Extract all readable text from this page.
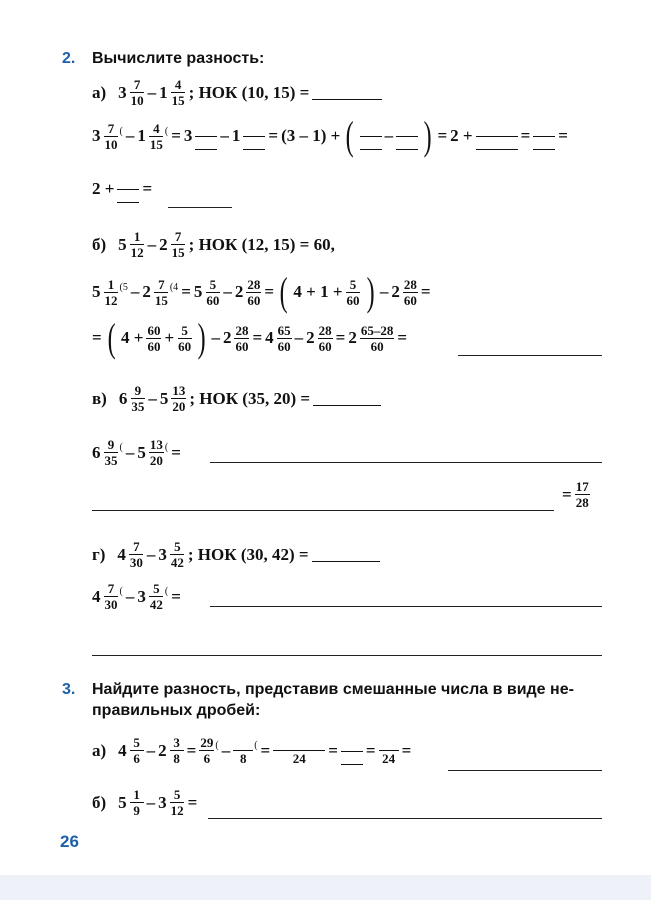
2. Вычислите разность:
а) $3 \frac{7}{10} - 1 \frac{4}{15}$ ; НОК (10, 15) =
$3 \frac{7}{10}$ ( – $1 \frac{4}{15}$ ( = 3 – 1 = (3 – 1) + ( – ) = 2 +	= =
2 + =
б) $5 \frac{1}{12} - 2 \frac{7}{15}$ ; НОК (12, 15) = 60,
$5 \frac{1}{12} (5 - 2 \frac{7}{15} (4 = 5 \frac{5}{60} - 2 \frac{28}{60}$ = ( $4 + 1 + \frac{5}{60}$ ) – $2 \frac{28}{60}$ =
= ( $4 + \frac{60}{60} + \frac{5}{60}$ ) – $2 \frac{28}{60} = 4 \frac{65}{60} - 2 \frac{28}{60} = 2 \frac{65-28}{60}$ =
в) $6 \frac{9}{35} - 5 \frac{13}{20}$ ; НОК (35, 20) =
$6 \frac{9}{35}$ ( – $5 \frac{13}{20}$ ( =
= $\frac{17}{28}$
г) $4 \frac{7}{30} - 3 \frac{5}{42}$ ; НОК (30, 42) =
$4 \frac{7}{30}$ ( – $3 \frac{5}{42}$ ( =
3. Найдите разность, представив смешанные числа в виде не-
правильных дробей:
а) $4 \frac{5}{6} - 2 \frac{3}{8} = \frac{29}{6}$ ( –
8
( =
	24	= =
24 =
б) $5 \frac{1}{9} - 3 \frac{5}{12}$ =
26
